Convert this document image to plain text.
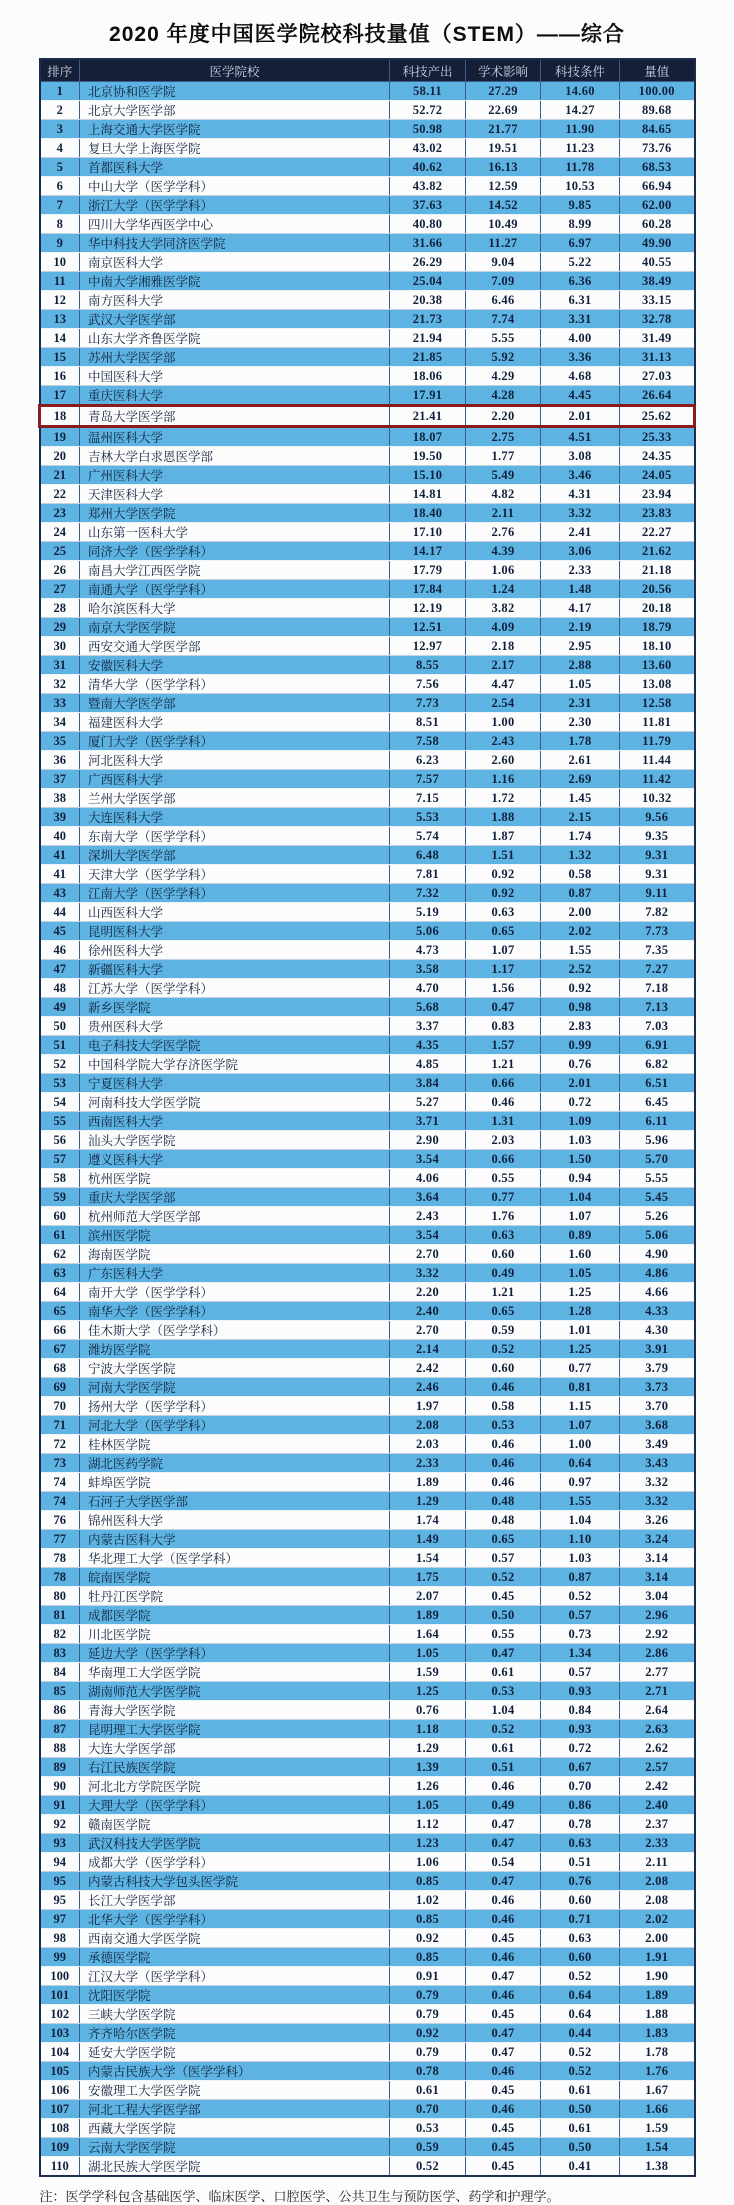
2020 年度中国医学院校科技量值（STEM）——综合
排序	医学院校	科技产出	学术影响	科技条件	量值
1	北京协和医学院	58.11	27.29	14.60	100.00
2	北京大学医学部	52.72	22.69	14.27	89.68
3	上海交通大学医学院	50.98	21.77	11.90	84.65
4	复旦大学上海医学院	43.02	19.51	11.23	73.76
5	首都医科大学	40.62	16.13	11.78	68.53
6	中山大学（医学学科）	43.82	12.59	10.53	66.94
7	浙江大学（医学学科）	37.63	14.52	9.85	62.00
8	四川大学华西医学中心	40.80	10.49	8.99	60.28
9	华中科技大学同济医学院	31.66	11.27	6.97	49.90
10	南京医科大学	26.29	9.04	5.22	40.55
11	中南大学湘雅医学院	25.04	7.09	6.36	38.49
12	南方医科大学	20.38	6.46	6.31	33.15
13	武汉大学医学部	21.73	7.74	3.31	32.78
14	山东大学齐鲁医学院	21.94	5.55	4.00	31.49
15	苏州大学医学部	21.85	5.92	3.36	31.13
16	中国医科大学	18.06	4.29	4.68	27.03
17	重庆医科大学	17.91	4.28	4.45	26.64
18	青岛大学医学部	21.41	2.20	2.01	25.62
19	温州医科大学	18.07	2.75	4.51	25.33
20	吉林大学白求恩医学部	19.50	1.77	3.08	24.35
21	广州医科大学	15.10	5.49	3.46	24.05
22	天津医科大学	14.81	4.82	4.31	23.94
23	郑州大学医学院	18.40	2.11	3.32	23.83
24	山东第一医科大学	17.10	2.76	2.41	22.27
25	同济大学（医学学科）	14.17	4.39	3.06	21.62
26	南昌大学江西医学院	17.79	1.06	2.33	21.18
27	南通大学（医学学科）	17.84	1.24	1.48	20.56
28	哈尔滨医科大学	12.19	3.82	4.17	20.18
29	南京大学医学院	12.51	4.09	2.19	18.79
30	西安交通大学医学部	12.97	2.18	2.95	18.10
31	安徽医科大学	8.55	2.17	2.88	13.60
32	清华大学（医学学科）	7.56	4.47	1.05	13.08
33	暨南大学医学部	7.73	2.54	2.31	12.58
34	福建医科大学	8.51	1.00	2.30	11.81
35	厦门大学（医学学科）	7.58	2.43	1.78	11.79
36	河北医科大学	6.23	2.60	2.61	11.44
37	广西医科大学	7.57	1.16	2.69	11.42
38	兰州大学医学部	7.15	1.72	1.45	10.32
39	大连医科大学	5.53	1.88	2.15	9.56
40	东南大学（医学学科）	5.74	1.87	1.74	9.35
41	深圳大学医学部	6.48	1.51	1.32	9.31
41	天津大学（医学学科）	7.81	0.92	0.58	9.31
43	江南大学（医学学科）	7.32	0.92	0.87	9.11
44	山西医科大学	5.19	0.63	2.00	7.82
45	昆明医科大学	5.06	0.65	2.02	7.73
46	徐州医科大学	4.73	1.07	1.55	7.35
47	新疆医科大学	3.58	1.17	2.52	7.27
48	江苏大学（医学学科）	4.70	1.56	0.92	7.18
49	新乡医学院	5.68	0.47	0.98	7.13
50	贵州医科大学	3.37	0.83	2.83	7.03
51	电子科技大学医学院	4.35	1.57	0.99	6.91
52	中国科学院大学存济医学院	4.85	1.21	0.76	6.82
53	宁夏医科大学	3.84	0.66	2.01	6.51
54	河南科技大学医学院	5.27	0.46	0.72	6.45
55	西南医科大学	3.71	1.31	1.09	6.11
56	汕头大学医学院	2.90	2.03	1.03	5.96
57	遵义医科大学	3.54	0.66	1.50	5.70
58	杭州医学院	4.06	0.55	0.94	5.55
59	重庆大学医学部	3.64	0.77	1.04	5.45
60	杭州师范大学医学部	2.43	1.76	1.07	5.26
61	滨州医学院	3.54	0.63	0.89	5.06
62	海南医学院	2.70	0.60	1.60	4.90
63	广东医科大学	3.32	0.49	1.05	4.86
64	南开大学（医学学科）	2.20	1.21	1.25	4.66
65	南华大学（医学学科）	2.40	0.65	1.28	4.33
66	佳木斯大学（医学学科）	2.70	0.59	1.01	4.30
67	潍坊医学院	2.14	0.52	1.25	3.91
68	宁波大学医学院	2.42	0.60	0.77	3.79
69	河南大学医学院	2.46	0.46	0.81	3.73
70	扬州大学（医学学科）	1.97	0.58	1.15	3.70
71	河北大学（医学学科）	2.08	0.53	1.07	3.68
72	桂林医学院	2.03	0.46	1.00	3.49
73	湖北医药学院	2.33	0.46	0.64	3.43
74	蚌埠医学院	1.89	0.46	0.97	3.32
74	石河子大学医学部	1.29	0.48	1.55	3.32
76	锦州医科大学	1.74	0.48	1.04	3.26
77	内蒙古医科大学	1.49	0.65	1.10	3.24
78	华北理工大学（医学学科）	1.54	0.57	1.03	3.14
78	皖南医学院	1.75	0.52	0.87	3.14
80	牡丹江医学院	2.07	0.45	0.52	3.04
81	成都医学院	1.89	0.50	0.57	2.96
82	川北医学院	1.64	0.55	0.73	2.92
83	延边大学（医学学科）	1.05	0.47	1.34	2.86
84	华南理工大学医学院	1.59	0.61	0.57	2.77
85	湖南师范大学医学院	1.25	0.53	0.93	2.71
86	青海大学医学院	0.76	1.04	0.84	2.64
87	昆明理工大学医学院	1.18	0.52	0.93	2.63
88	大连大学医学部	1.29	0.61	0.72	2.62
89	右江民族医学院	1.39	0.51	0.67	2.57
90	河北北方学院医学院	1.26	0.46	0.70	2.42
91	大理大学（医学学科）	1.05	0.49	0.86	2.40
92	赣南医学院	1.12	0.47	0.78	2.37
93	武汉科技大学医学院	1.23	0.47	0.63	2.33
94	成都大学（医学学科）	1.06	0.54	0.51	2.11
95	内蒙古科技大学包头医学院	0.85	0.47	0.76	2.08
95	长江大学医学部	1.02	0.46	0.60	2.08
97	北华大学（医学学科）	0.85	0.46	0.71	2.02
98	西南交通大学医学院	0.92	0.45	0.63	2.00
99	承德医学院	0.85	0.46	0.60	1.91
100	江汉大学（医学学科）	0.91	0.47	0.52	1.90
101	沈阳医学院	0.79	0.46	0.64	1.89
102	三峡大学医学院	0.79	0.45	0.64	1.88
103	齐齐哈尔医学院	0.92	0.47	0.44	1.83
104	延安大学医学院	0.79	0.47	0.52	1.78
105	内蒙古民族大学（医学学科）	0.78	0.46	0.52	1.76
106	安徽理工大学医学院	0.61	0.45	0.61	1.67
107	河北工程大学医学部	0.70	0.46	0.50	1.66
108	西藏大学医学院	0.53	0.45	0.61	1.59
109	云南大学医学院	0.59	0.45	0.50	1.54
110	湖北民族大学医学院	0.52	0.45	0.41	1.38
注：医学学科包含基础医学、临床医学、口腔医学、公共卫生与预防医学、药学和护理学。
